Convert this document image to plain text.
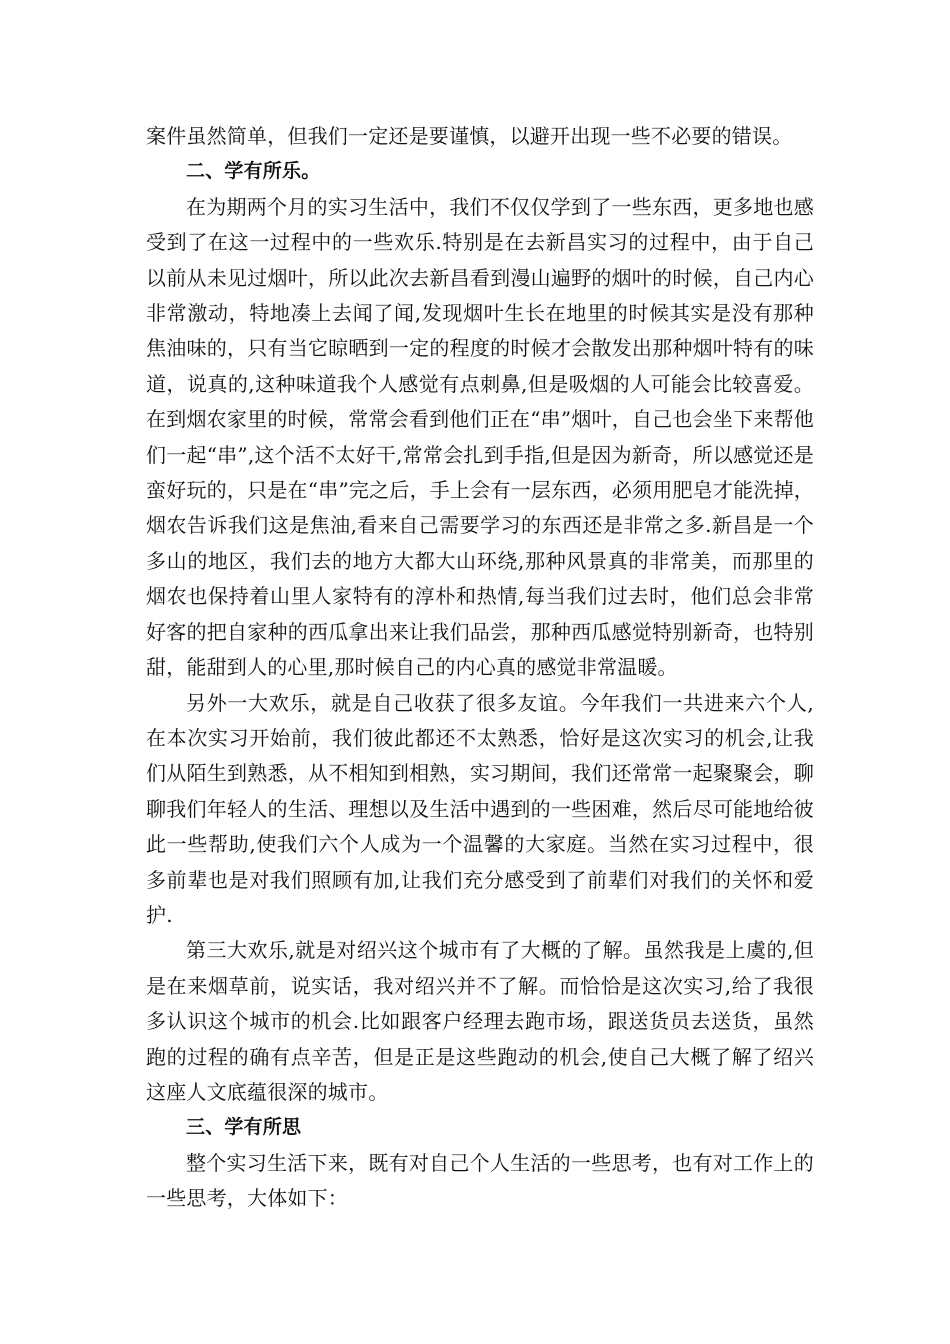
案件虽然简单，但我们一定还是要谨慎，以避开出现一些不必要的错误。

二、学有所乐。

在为期两个月的实习生活中，我们不仅仅学到了一些东西，更多地也感受到了在这一过程中的一些欢乐.特别是在去新昌实习的过程中，由于自己以前从未见过烟叶，所以此次去新昌看到漫山遍野的烟叶的时候，自己内心非常激动，特地凑上去闻了闻,发现烟叶生长在地里的时候其实是没有那种焦油味的，只有当它晾晒到一定的程度的时候才会散发出那种烟叶特有的味道，说真的,这种味道我个人感觉有点刺鼻,但是吸烟的人可能会比较喜爱。在到烟农家里的时候，常常会看到他们正在“串”烟叶，自己也会坐下来帮他们一起“串”,这个活不太好干,常常会扎到手指,但是因为新奇，所以感觉还是蛮好玩的，只是在“串”完之后，手上会有一层东西，必须用肥皂才能洗掉，烟农告诉我们这是焦油,看来自己需要学习的东西还是非常之多.新昌是一个多山的地区，我们去的地方大都大山环绕,那种风景真的非常美，而那里的烟农也保持着山里人家特有的淳朴和热情,每当我们过去时，他们总会非常好客的把自家种的西瓜拿出来让我们品尝，那种西瓜感觉特别新奇，也特别甜，能甜到人的心里,那时候自己的内心真的感觉非常温暖。

另外一大欢乐，就是自己收获了很多友谊。今年我们一共进来六个人,在本次实习开始前，我们彼此都还不太熟悉，恰好是这次实习的机会,让我们从陌生到熟悉，从不相知到相熟，实习期间，我们还常常一起聚聚会，聊聊我们年轻人的生活、理想以及生活中遇到的一些困难，然后尽可能地给彼此一些帮助,使我们六个人成为一个温馨的大家庭。当然在实习过程中，很多前辈也是对我们照顾有加,让我们充分感受到了前辈们对我们的关怀和爱护.

第三大欢乐,就是对绍兴这个城市有了大概的了解。虽然我是上虞的,但是在来烟草前，说实话，我对绍兴并不了解。而恰恰是这次实习,给了我很多认识这个城市的机会.比如跟客户经理去跑市场，跟送货员去送货，虽然跑的过程的确有点辛苦，但是正是这些跑动的机会,使自己大概了解了绍兴这座人文底蕴很深的城市。

三、学有所思

整个实习生活下来，既有对自己个人生活的一些思考，也有对工作上的一些思考，大体如下：
